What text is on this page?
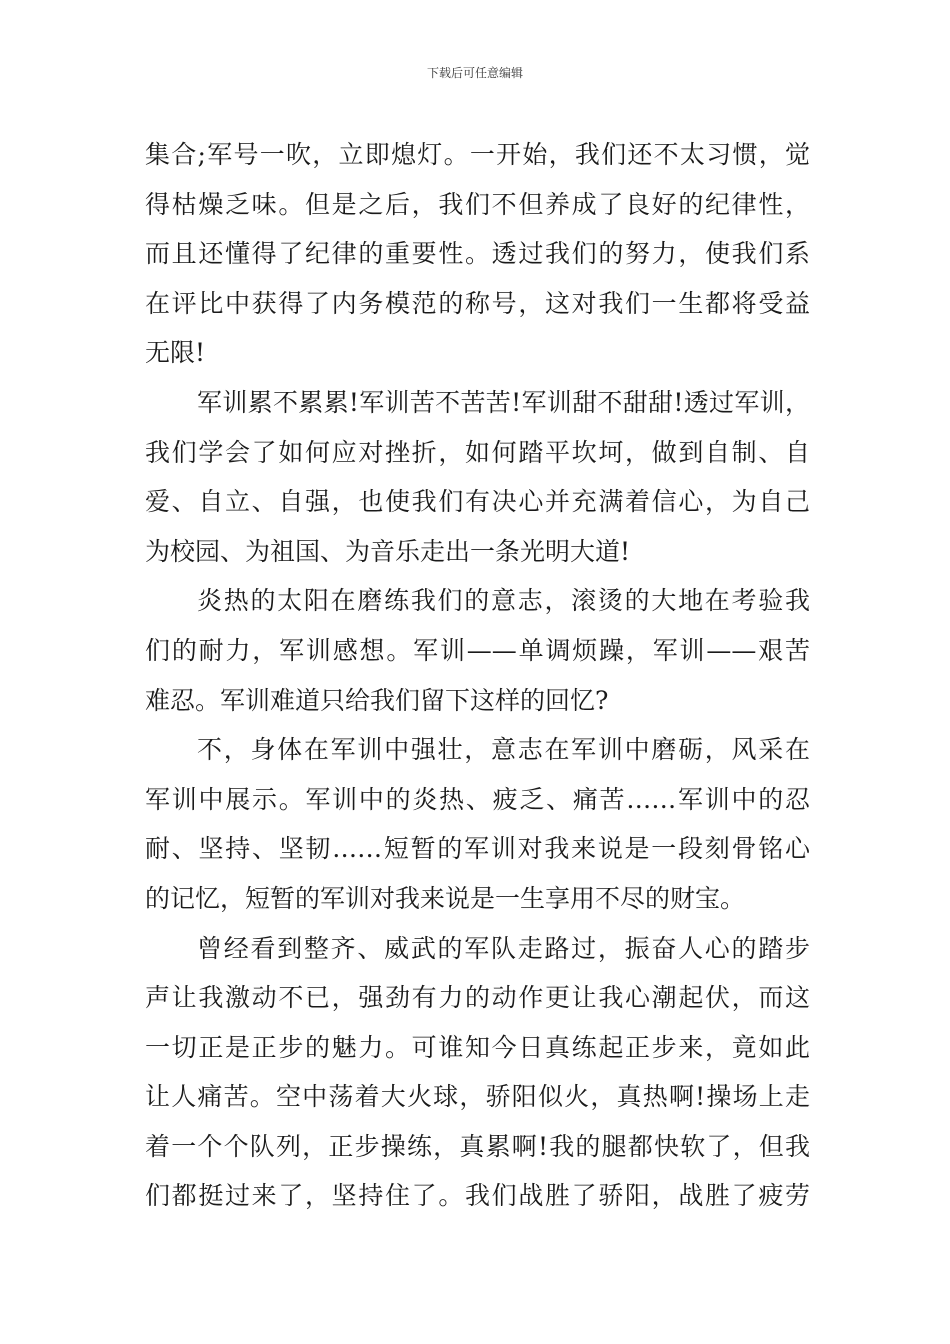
下载后可任意编辑
集合;军号一吹，立即熄灯。一开始，我们还不太习惯，觉
得枯燥乏味。但是之后，我们不但养成了良好的纪律性，
而且还懂得了纪律的重要性。透过我们的努力，使我们系
在评比中获得了内务模范的称号，这对我们一生都将受益
无限!
军训累不累累!军训苦不苦苦!军训甜不甜甜!透过军训，
我们学会了如何应对挫折，如何踏平坎坷，做到自制、自
爱、自立、自强，也使我们有决心并充满着信心，为自己
为校园、为祖国、为音乐走出一条光明大道!
炎热的太阳在磨练我们的意志，滚烫的大地在考验我
们的耐力，军训感想。军训——单调烦躁，军训——艰苦
难忍。军训难道只给我们留下这样的回忆?
不，身体在军训中强壮，意志在军训中磨砺，风采在
军训中展示。军训中的炎热、疲乏、痛苦……军训中的忍
耐、坚持、坚韧……短暂的军训对我来说是一段刻骨铭心
的记忆，短暂的军训对我来说是一生享用不尽的财宝。
曾经看到整齐、威武的军队走路过，振奋人心的踏步
声让我激动不已，强劲有力的动作更让我心潮起伏，而这
一切正是正步的魅力。可谁知今日真练起正步来，竟如此
让人痛苦。空中荡着大火球，骄阳似火，真热啊!操场上走
着一个个队列，正步操练，真累啊!我的腿都快软了，但我
们都挺过来了，坚持住了。我们战胜了骄阳，战胜了疲劳
